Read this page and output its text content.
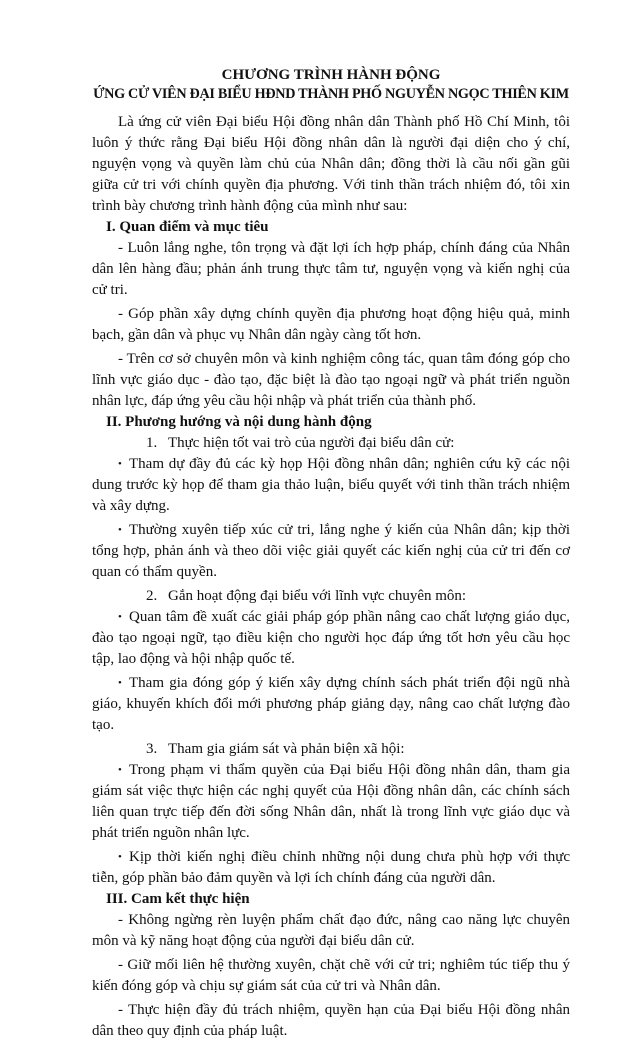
CHƯƠNG TRÌNH HÀNH ĐỘNG

ỨNG CỬ VIÊN ĐẠI BIỂU HĐND THÀNH PHỐ NGUYỄN NGỌC THIÊN KIM

Là ứng cử viên Đại biểu Hội đồng nhân dân Thành phố Hồ Chí Minh, tôi luôn ý thức rằng Đại biểu Hội đồng nhân dân là người đại diện cho ý chí, nguyện vọng và quyền làm chủ của Nhân dân; đồng thời là cầu nối gần gũi giữa cử tri với chính quyền địa phương. Với tinh thần trách nhiệm đó, tôi xin trình bày chương trình hành động của mình như sau:

I. Quan điểm và mục tiêu

- Luôn lắng nghe, tôn trọng và đặt lợi ích hợp pháp, chính đáng của Nhân dân lên hàng đầu; phản ánh trung thực tâm tư, nguyện vọng và kiến nghị của cử tri.

- Góp phần xây dựng chính quyền địa phương hoạt động hiệu quả, minh bạch, gần dân và phục vụ Nhân dân ngày càng tốt hơn.

- Trên cơ sở chuyên môn và kinh nghiệm công tác, quan tâm đóng góp cho lĩnh vực giáo dục - đào tạo, đặc biệt là đào tạo ngoại ngữ và phát triển nguồn nhân lực, đáp ứng yêu cầu hội nhập và phát triển của thành phố.

II. Phương hướng và nội dung hành động

1. Thực hiện tốt vai trò của người đại biểu dân cử:

• Tham dự đầy đủ các kỳ họp Hội đồng nhân dân; nghiên cứu kỹ các nội dung trước kỳ họp để tham gia thảo luận, biểu quyết với tinh thần trách nhiệm và xây dựng.

• Thường xuyên tiếp xúc cử tri, lắng nghe ý kiến của Nhân dân; kịp thời tổng hợp, phản ánh và theo dõi việc giải quyết các kiến nghị của cử tri đến cơ quan có thẩm quyền.

2. Gắn hoạt động đại biểu với lĩnh vực chuyên môn:

• Quan tâm đề xuất các giải pháp góp phần nâng cao chất lượng giáo dục, đào tạo ngoại ngữ, tạo điều kiện cho người học đáp ứng tốt hơn yêu cầu học tập, lao động và hội nhập quốc tế.

• Tham gia đóng góp ý kiến xây dựng chính sách phát triển đội ngũ nhà giáo, khuyến khích đổi mới phương pháp giảng dạy, nâng cao chất lượng đào tạo.

3. Tham gia giám sát và phản biện xã hội:

• Trong phạm vi thẩm quyền của Đại biểu Hội đồng nhân dân, tham gia giám sát việc thực hiện các nghị quyết của Hội đồng nhân dân, các chính sách liên quan trực tiếp đến đời sống Nhân dân, nhất là trong lĩnh vực giáo dục và phát triển nguồn nhân lực.

• Kịp thời kiến nghị điều chỉnh những nội dung chưa phù hợp với thực tiễn, góp phần bảo đảm quyền và lợi ích chính đáng của người dân.

III. Cam kết thực hiện

- Không ngừng rèn luyện phẩm chất đạo đức, nâng cao năng lực chuyên môn và kỹ năng hoạt động của người đại biểu dân cử.

- Giữ mối liên hệ thường xuyên, chặt chẽ với cử tri; nghiêm túc tiếp thu ý kiến đóng góp và chịu sự giám sát của cử tri và Nhân dân.

- Thực hiện đầy đủ trách nhiệm, quyền hạn của Đại biểu Hội đồng nhân dân theo quy định của pháp luật.
